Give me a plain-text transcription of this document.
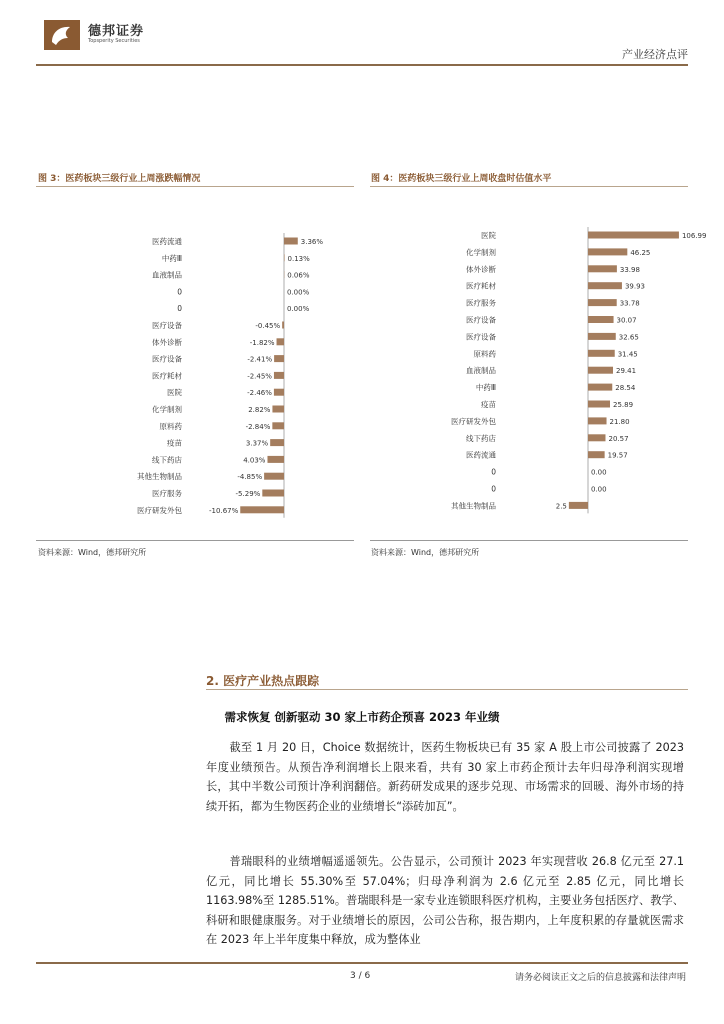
德邦证券
Topsperity Securities
产业经济点评
图 3：医药板块三级行业上周涨跌幅情况
医药流通	3.36%
中药Ⅲ	0.13%
血液制品	0.06%
0	0.00%
0	0.00%
医疗设备	-0.45%
体外诊断	-1.82%
医疗设备	-2.41%
医疗耗材	-2.45%
医院	-2.46%
化学制剂	2.82%
原料药	-2.84%
疫苗	3.37%
线下药店	4.03%
其他生物制品	-4.85%
医疗服务	-5.29%
医疗研发外包	-10.67%
资料来源：Wind，德邦研究所
图 4：医药板块三级行业上周收盘时估值水平
医院	106.99
化学制剂	46.25
体外诊断	33.98
医疗耗材	39.93
医疗服务	33.78
医疗设备	30.07
医疗设备	32.65
原料药	31.45
血液制品	29.41
中药Ⅲ	28.54
疫苗	25.89
医疗研发外包	21.80
线下药店	20.57
医药流通	19.57
0	0.00
0	0.00
其他生物制品	2.5
资料来源：Wind，德邦研究所
2. 医疗产业热点跟踪
需求恢复 创新驱动 30 家上市药企预喜 2023 年业绩

截至 1 月 20 日，Choice 数据统计，医药生物板块已有 35 家 A 股上市公司披露了 2023 年度业绩预告。从预告净利润增长上限来看，共有 30 家上市药企预计去年归母净利润实现增长，其中半数公司预计净利润翻倍。新药研发成果的逐步兑现、市场需求的回暖、海外市场的持续开拓，都为生物医药企业的业绩增长“添砖加瓦”。

普瑞眼科的业绩增幅遥遥领先。公告显示，公司预计 2023 年实现营收 26.8 亿元至 27.1 亿元，同比增长 55.30%至 57.04%；归母净利润为 2.6 亿元至 2.85 亿元，同比增长 1163.98%至 1285.51%。普瑞眼科是一家专业连锁眼科医疗机构，主要业务包括医疗、教学、科研和眼健康服务。对于业绩增长的原因，公司公告称，报告期内，上年度积累的存量就医需求在 2023 年上半年度集中释放，成为整体业

3 / 6	请务必阅读正文之后的信息披露和法律声明
